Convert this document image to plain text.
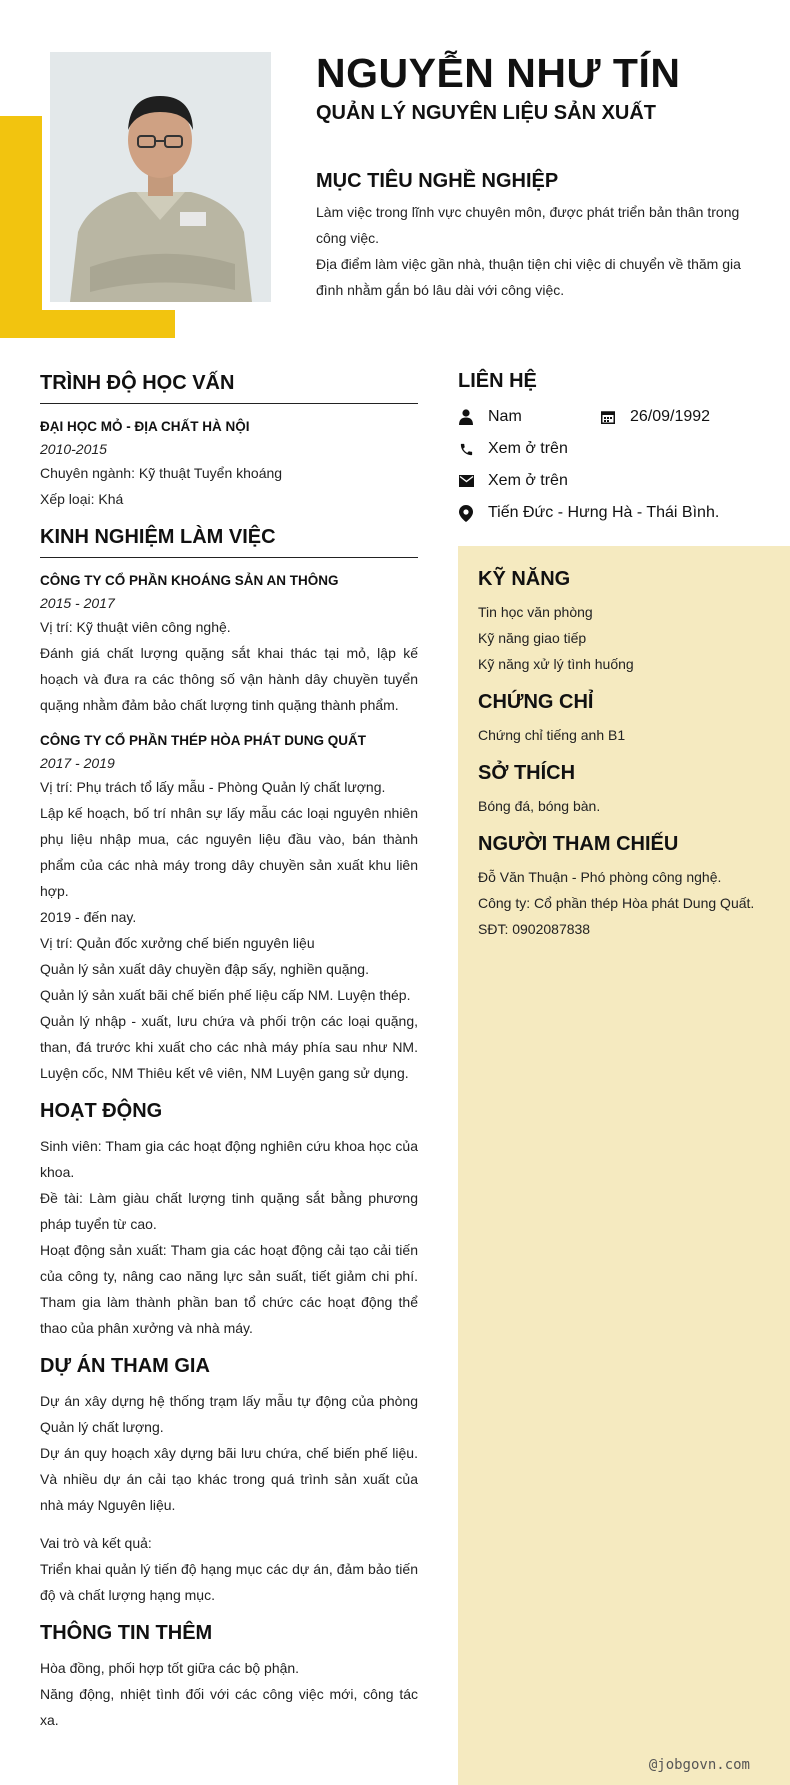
NGUYỄN NHƯ TÍN
QUẢN LÝ NGUYÊN LIỆU SẢN XUẤT
MỤC TIÊU NGHỀ NGHIỆP

Làm việc trong lĩnh vực chuyên môn, được phát triển bản thân trong công việc.

Địa điểm làm việc gần nhà, thuận tiện chi việc di chuyển về thăm gia đình nhằm gắn bó lâu dài với công việc.

TRÌNH ĐỘ HỌC VẤN

ĐẠI HỌC MỎ - ĐỊA CHẤT HÀ NỘI

2010-2015

Chuyên ngành: Kỹ thuật Tuyển khoáng

Xếp loại: Khá

KINH NGHIỆM LÀM VIỆC

CÔNG TY CỔ PHẦN KHOÁNG SẢN AN THÔNG

2015 - 2017

Vị trí: Kỹ thuật viên công nghệ.

Đánh giá chất lượng quặng sắt khai thác tại mỏ, lập kế hoạch và đưa ra các thông số vận hành dây chuyền tuyển quặng nhằm đảm bảo chất lượng tinh quặng thành phẩm.

CÔNG TY CỔ PHẦN THÉP HÒA PHÁT DUNG QUẤT

2017 - 2019

Vị trí: Phụ trách tổ lấy mẫu - Phòng Quản lý chất lượng.

Lập kế hoạch, bố trí nhân sự lấy mẫu các loại nguyên nhiên phụ liệu nhập mua, các nguyên liệu đầu vào, bán thành phẩm của các nhà máy trong dây chuyền sản xuất khu liên hợp.

2019 - đến nay.

Vị trí: Quản đốc xưởng chế biến nguyên liệu

Quản lý sản xuất dây chuyền đập sấy, nghiền quặng.

Quản lý sản xuất bãi chế biến phế liệu cấp NM. Luyện thép.

Quản lý nhập - xuất, lưu chứa và phối trộn các loại quặng, than, đá trước khi xuất cho các nhà máy phía sau như NM. Luyện cốc, NM Thiêu kết vê viên, NM Luyện gang sử dụng.

HOẠT ĐỘNG

Sinh viên: Tham gia các hoạt động nghiên cứu khoa học của khoa.

Đề tài: Làm giàu chất lượng tinh quặng sắt bằng phương pháp tuyển từ cao.

Hoạt động sản xuất: Tham gia các hoạt động cải tạo cải tiến của công ty, nâng cao năng lực sản suất, tiết giảm chi phí. Tham gia làm thành phần ban tổ chức các hoạt động thể thao của phân xưởng và nhà máy.

DỰ ÁN THAM GIA

Dự án xây dựng hệ thống trạm lấy mẫu tự động của phòng Quản lý chất lượng.

Dự án quy hoạch xây dựng bãi lưu chứa, chế biến phế liệu. Và nhiều dự án cải tạo khác trong quá trình sản xuất của nhà máy Nguyên liệu.

Vai trò và kết quả:

Triển khai quản lý tiến độ hạng mục các dự án, đảm bảo tiến độ và chất lượng hạng mục.

THÔNG TIN THÊM

Hòa đồng, phối hợp tốt giữa các bộ phận.

Năng động, nhiệt tình đối với các công việc mới, công tác xa.

LIÊN HỆ
Nam	26/09/1992
Xem ở trên
Xem ở trên
Tiến Đức - Hưng Hà - Thái Bình.
KỸ NĂNG

Tin học văn phòng

Kỹ năng giao tiếp

Kỹ năng xử lý tình huống

CHỨNG CHỈ

Chứng chỉ tiếng anh B1

SỞ THÍCH

Bóng đá, bóng bàn.

NGƯỜI THAM CHIẾU

Đỗ Văn Thuận - Phó phòng công nghệ.

Công ty: Cổ phần thép Hòa phát Dung Quất.

SĐT: 0902087838

@jobgovn.com
